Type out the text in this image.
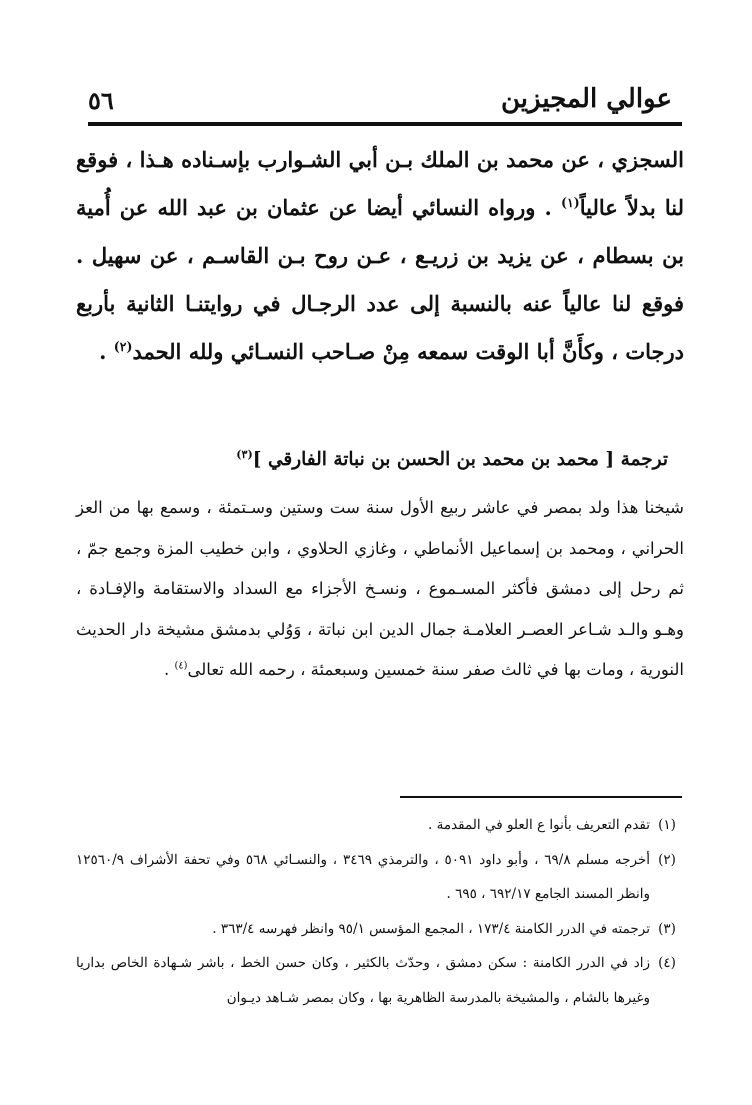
٥٦	عوالي المجيزين

السجزي ، عن محمد بن الملك بـن أبي الشـوارب بإسـناده هـذا ، فوقع لنا بدلاً عالياً$^{(١)}$ . ورواه النسائي أيضا عن عثمان بن عبد الله عن أُمية بن بسطام ، عن يزيد بن زريـع ، عـن روح بـن القاسـم ، عن سهيل . فوقع لنا عالياً عنه بالنسبة إلى عدد الرجـال في روايتنـا الثانية بأربع درجات ، وكأَنَّ أبا الوقت سمعه مِنْ صـاحب النسـائي ولله الحمد$^{(٢)}$ .

ترجمة [ محمد بن محمد بن الحسن بن نباتة الفارقي ]$^{(٣)}$

شيخنا هذا ولد بمصر في عاشر ربيع الأول سنة ست وستين وسـتمئة ، وسمع بها من العز الحراني ، ومحمد بن إسماعيل الأنماطي ، وغازي الحلاوي ، وابن خطيب المزة وجمع جمّ ، ثم رحل إلى دمشق فأكثر المسـموع ، ونسـخ الأجزاء مع السداد والاستقامة والإفـادة ، وهـو والـد شـاعر العصـر العلامـة جمال الدين ابن نباتة ، وَوُلي بدمشق مشيخة دار الحديث النورية ، ومات بها في ثالث صفر سنة خمسين وسبعمئة ، رحمه الله تعالى$^{(٤)}$ .

(١)
تقدم التعريف بأنوا ع العلو في المقدمة .
(٢)
أخرجه مسلم ٦٩/٨ ، وأبو داود ٥٠٩١ ، والترمذي ٣٤٦٩ ، والنسـائي ٥٦٨ وفي تحفة الأشراف ١٢٥٦٠/٩ وانظر المسند الجامع ٦٩٢/١٧ ، ٦٩٥ .
(٣)
ترجمته في الدرر الكامنة ١٧٣/٤ ، المجمع المؤسس ٩٥/١ وانظر فهرسه ٣٦٣/٤ .
(٤)
زاد في الدرر الكامنة : سكن دمشق ، وحدّث بالكثير ، وكان حسن الخط ، باشر شـهادة الخاص بداريا وغيرها بالشام ، والمشيخة بالمدرسة الظاهرية بها ، وكان بمصر شـاهد ديـوان
